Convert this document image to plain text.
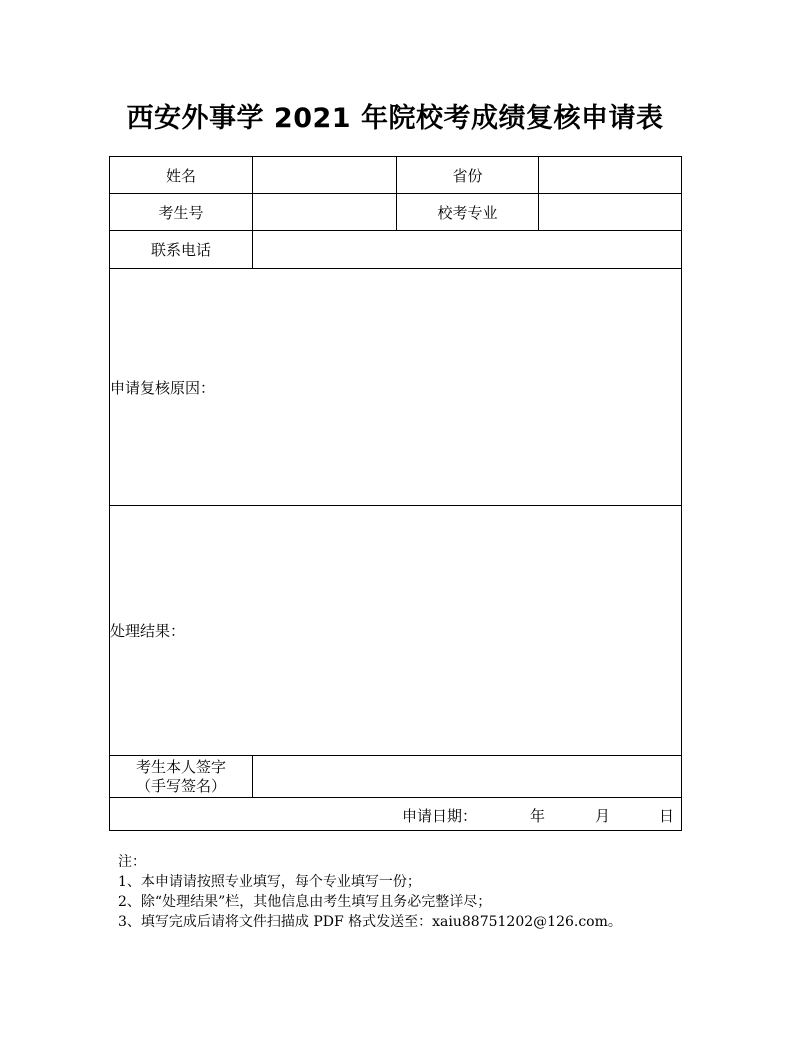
西安外事学 2021 年院校考成绩复核申请表
姓名		省份	
考生号		校考专业	
联系电话			
申请复核原因：			
处理结果：			

考生本人签字
（手写签名）			

申请日期： 年 月 日			
注：
1、本申请请按照专业填写，每个专业填写一份；
2、除“处理结果”栏，其他信息由考生填写且务必完整详尽；
3、填写完成后请将文件扫描成 PDF 格式发送至：xaiu88751202@126.com。
